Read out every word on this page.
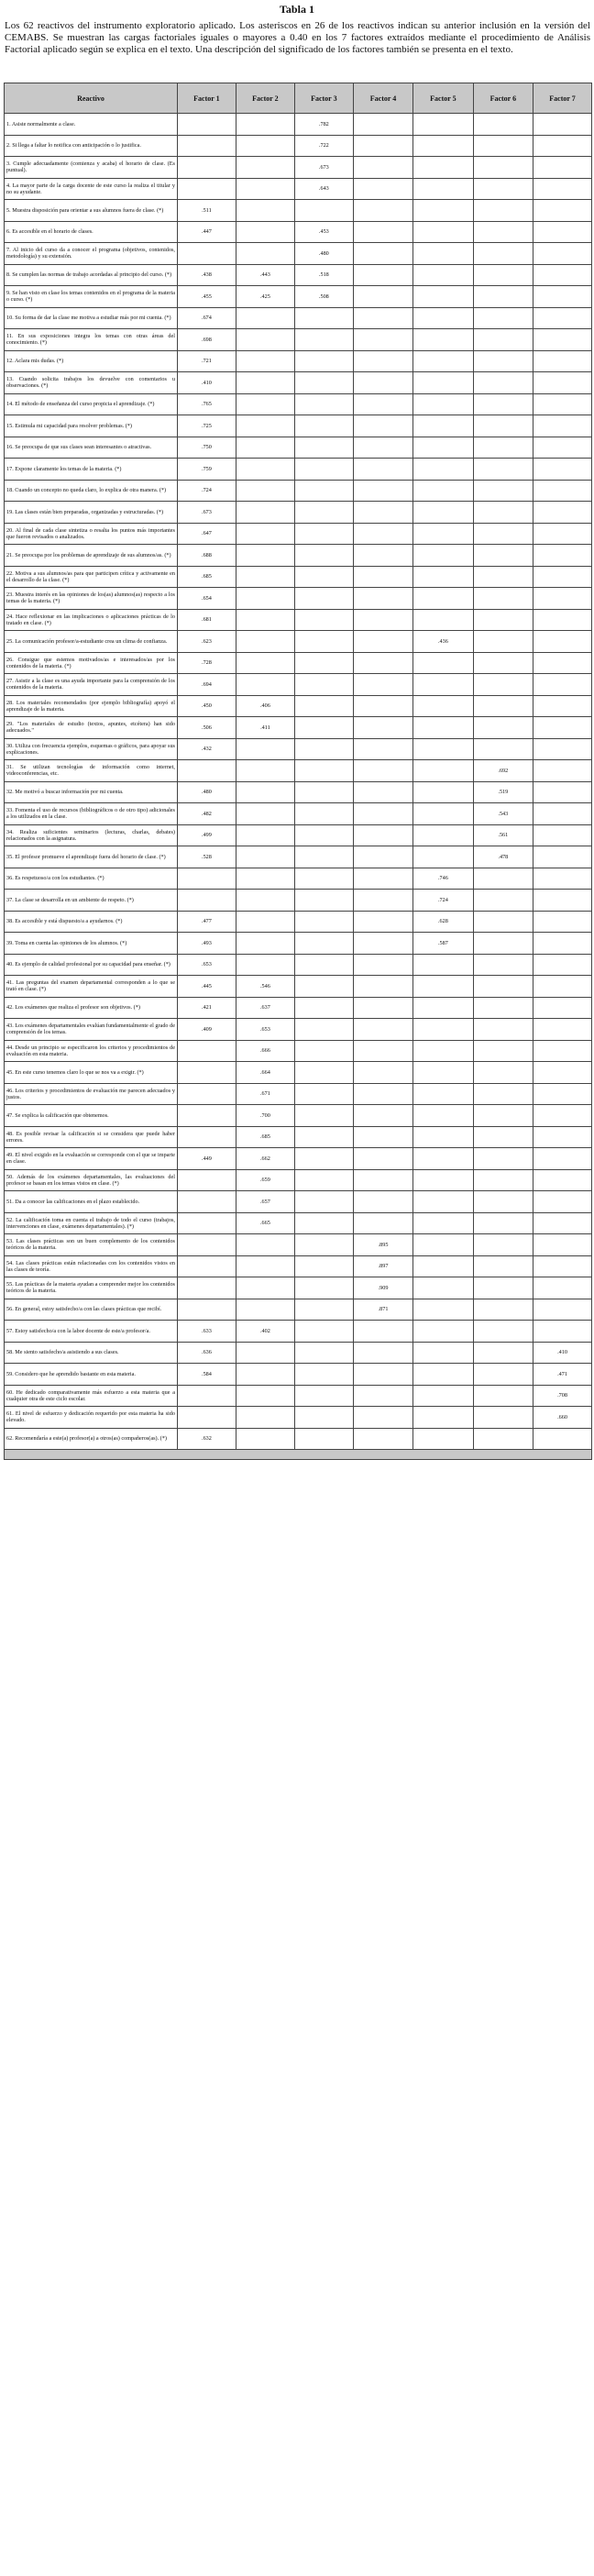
Tabla 1

Los 62 reactivos del instrumento exploratorio aplicado. Los asteriscos en 26 de los reactivos indican su anterior inclusión en la versión del CEMABS. Se muestran las cargas factoriales iguales o mayores a 0.40 en los 7 factores extraídos mediante el procedimiento de Análisis Factorial aplicado según se explica en el texto. Una descripción del significado de los factores también se presenta en el texto.

Reactivo	Factor 1	Factor 2	Factor 3	Factor 4	Factor 5	Factor 6	Factor 7
1. Asiste normalmente a clase.			.782				
2. Si llega a faltar lo notifica con anticipación o lo justifica.			.722				
3. Cumple adecuadamente (comienza y acaba) el horario de clase. (Es puntual).			.673				
4. La mayor parte de la carga docente de este curso la realiza el titular y no su ayudante.			.643				
5. Muestra disposición para orientar a sus alumnos fuera de clase. (*)	.511						
6. Es accesible en el horario de clases.	.447		.453				
7. Al inicio del curso da a conocer el programa (objetivos, contenidos, metodología) y su extensión.			.480				
8. Se cumplen las normas de trabajo acordadas al principio del curso. (*)	.438	.443	.518				
9. Se han visto en clase los temas contenidos en el programa de la materia o curso. (*)	.455	.425	.508				
10. Su forma de dar la clase me motiva a estudiar más por mi cuenta. (*)	.674						
11. En sus exposiciones integra los temas con otras áreas del conocimiento. (*)	.698						
12. Aclara mis dudas. (*)	.721						
13. Cuando solicita trabajos los devuelve con comentarios u observaciones. (*)	.410						
14. El método de enseñanza del curso propicia el aprendizaje. (*)	.765						
15. Estimula mi capacidad para resolver problemas. (*)	.725						
16. Se preocupa de que sus clases sean interesantes o atractivas.	.750						
17. Expone claramente los temas de la materia. (*)	.759						
18. Cuando un concepto no queda claro, lo explica de otra manera. (*)	.724						
19. Las clases están bien preparadas, organizadas y estructuradas. (*)	.673						
20. Al final de cada clase sintetiza o resalta los puntos más importantes que fueron revisados o analizados.	.647						
21. Se preocupa por los problemas de aprendizaje de sus alumnos/as. (*)	.688						
22. Motiva a sus alumnos/as para que participen crítica y activamente en el desarrollo de la clase. (*)	.685						
23. Muestra interés en las opiniones de los(as) alumnos(as) respecto a los temas de la materia. (*)	.654						
24. Hace reflexionar en las implicaciones o aplicaciones prácticas de lo tratado en clase. (*)	.681						
25. La comunicación profesor/a-estudiante crea un clima de confianza.	.623				.436		
26. Consigue que estemos motivados/as e interesados/as por los contenidos de la materia. (*)	.728						
27. Asistir a la clase es una ayuda importante para la comprensión de los contenidos de la materia.	.694						
28. Los materiales recomendados (por ejemplo bibliografía) apoyó el aprendizaje de la materia.	.450	.406					
29. "Los materiales de estudio (textos, apuntes, etcétera) han sido adecuados."	.506	.411					
30. Utiliza con frecuencia ejemplos, esquemas o gráficos, para apoyar sus explicaciones.	.432						
31. Se utilizan tecnologías de información como internet, videoconferencias, etc.						.692	
32. Me motivó a buscar información por mi cuenta.	.480					.519	
33. Fomenta el uso de recursos (bibliográficos o de otro tipo) adicionales a los utilizados en la clase.	.482					.543	
34. Realiza suficientes seminarios (lecturas, charlas, debates) relacionados con la asignatura.	.499					.561	
35. El profesor promueve el aprendizaje fuera del horario de clase. (*)	.528					.478	
36. Es respetuoso/a con los estudiantes. (*)					.746		
37. La clase se desarrolla en un ambiente de respeto. (*)					.724		
38. Es accesible y está dispuesto/a a ayudarnos. (*)	.477				.628		
39. Toma en cuenta las opiniones de los alumnos. (*)	.493				.587		
40. Es ejemplo de calidad profesional por su capacidad para enseñar. (*)	.653						
41. Las preguntas del examen departamental corresponden a lo que se trató en clase. (*)	.445	.546					
42. Los exámenes que realiza el profesor son objetivos. (*)	.421	.637					
43. Los exámenes departamentales evalúan fundamentalmente el grado de comprensión de los temas.	.409	.653					
44. Desde un principio se especificaron los criterios y procedimientos de evaluación en esta materia.		.666					
45. En este curso tenemos claro lo que se nos va a exigir. (*)		.664					
46. Los criterios y procedimientos de evaluación me parecen adecuados y justos.		.671					
47. Se explica la calificación que obtenemos.		.700					
48. Es posible revisar la calificación si se considera que puede haber errores.		.685					
49. El nivel exigido en la evaluación se corresponde con el que se imparte en clase.	.449	.662					
50. Además de los exámenes departamentales, las evaluaciones del profesor se basan en los temas vistos en clase. (*)		.659					
51. Da a conocer las calificaciones en el plazo establecido.		.657					
52. La calificación toma en cuenta el trabajo de todo el curso (trabajos, intervenciones en clase, exámenes departamentales). (*)		.665					
53. Las clases prácticas son un buen complemento de los contenidos teóricos de la materia.				.895			
54. Las clases prácticas están relacionadas con los contenidos vistos en las clases de teoría.				.897			
55. Las prácticas de la materia ayudan a comprender mejor los contenidos teóricos de la materia.				.909			
56. En general, estoy satisfecho/a con las clases prácticas que recibí.				.871			
57. Estoy satisfecho/a con la labor docente de este/a profesor/a.	.633	.402					
58. Me siento satisfecho/a asistiendo a sus clases.	.636						.410
59. Considero que he aprendido bastante en esta materia.	.584						.471
60. He dedicado comparativamente más esfuerzo a esta materia que a cualquier otra de este ciclo escolar.							.708
61. El nivel de esfuerzo y dedicación requerido por esta materia ha sido elevado.							.660
62. Recomendaría a este(a) profesor(a) a otros(as) compañeros(as). (*)	.632						
